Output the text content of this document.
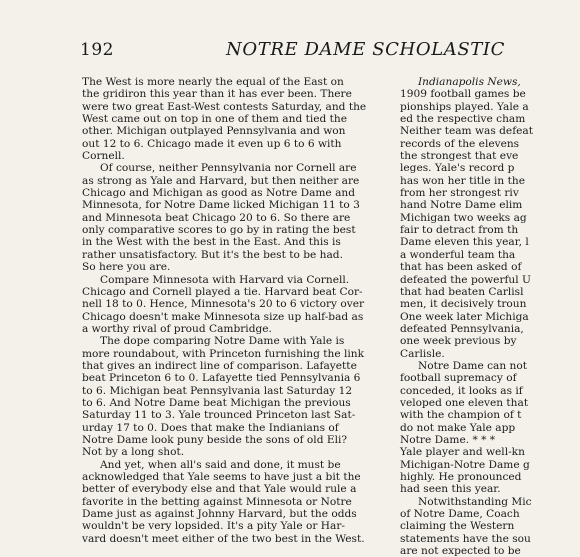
192	NOTRE DAME SCHOLASTIC
The West is more nearly the equal of the East on
the gridiron this year than it has ever been. There
were two great East-West contests Saturday, and the
West came out on top in one of them and tied the
other. Michigan outplayed Pennsylvania and won
out 12 to 6. Chicago made it even up 6 to 6 with
Cornell.
Of course, neither Pennsylvania nor Cornell are
as strong as Yale and Harvard, but then neither are
Chicago and Michigan as good as Notre Dame and
Minnesota, for Notre Dame licked Michigan 11 to 3
and Minnesota beat Chicago 20 to 6. So there are
only comparative scores to go by in rating the best
in the West with the best in the East. And this is
rather unsatisfactory. But it's the best to be had.
So here you are.
Compare Minnesota with Harvard via Cornell.
Chicago and Cornell played a tie. Harvard beat Cor-
nell 18 to 0. Hence, Minnesota's 20 to 6 victory over
Chicago doesn't make Minnesota size up half-bad as
a worthy rival of proud Cambridge.
The dope comparing Notre Dame with Yale is
more roundabout, with Princeton furnishing the link
that gives an indirect line of comparison. Lafayette
beat Princeton 6 to 0. Lafayette tied Pennsylvania 6
to 6. Michigan beat Pennsylvania last Saturday 12
to 6. And Notre Dame beat Michigan the previous
Saturday 11 to 3. Yale trounced Princeton last Sat-
urday 17 to 0. Does that make the Indianians of
Notre Dame look puny beside the sons of old Eli?
Not by a long shot.
And yet, when all's said and done, it must be
acknowledged that Yale seems to have just a bit the
better of everybody else and that Yale would rule a
favorite in the betting against Minnesota or Notre
Dame just as against Johnny Harvard, but the odds
wouldn't be very lopsided. It's a pity Yale or Har-
vard doesn't meet either of the two best in the West.
Indianapolis News,
1909 football games be
pionships played. Yale a
ed the respective cham
Neither team was defeat
records of the elevens
the strongest that eve
leges. Yale's record p
has won her title in the
from her strongest riv
hand Notre Dame elim
Michigan two weeks ag
fair to detract from th
Dame eleven this year, l
a wonderful team tha
that has been asked of
defeated the powerful U
that had beaten Carlisl
men, it decisively troun
One week later Michiga
defeated Pennsylvania,
one week previous by
Carlisle.
Notre Dame can not
football supremacy of
conceded, it looks as if
veloped one eleven that
with the champion of t
do not make Yale app
Notre Dame. * * *
Yale player and well-kn
Michigan-Notre Dame g
highly. He pronounced
had seen this year.
Notwithstanding Mic
of Notre Dame, Coach
claiming the Western
statements have the sou
are not expected to be
